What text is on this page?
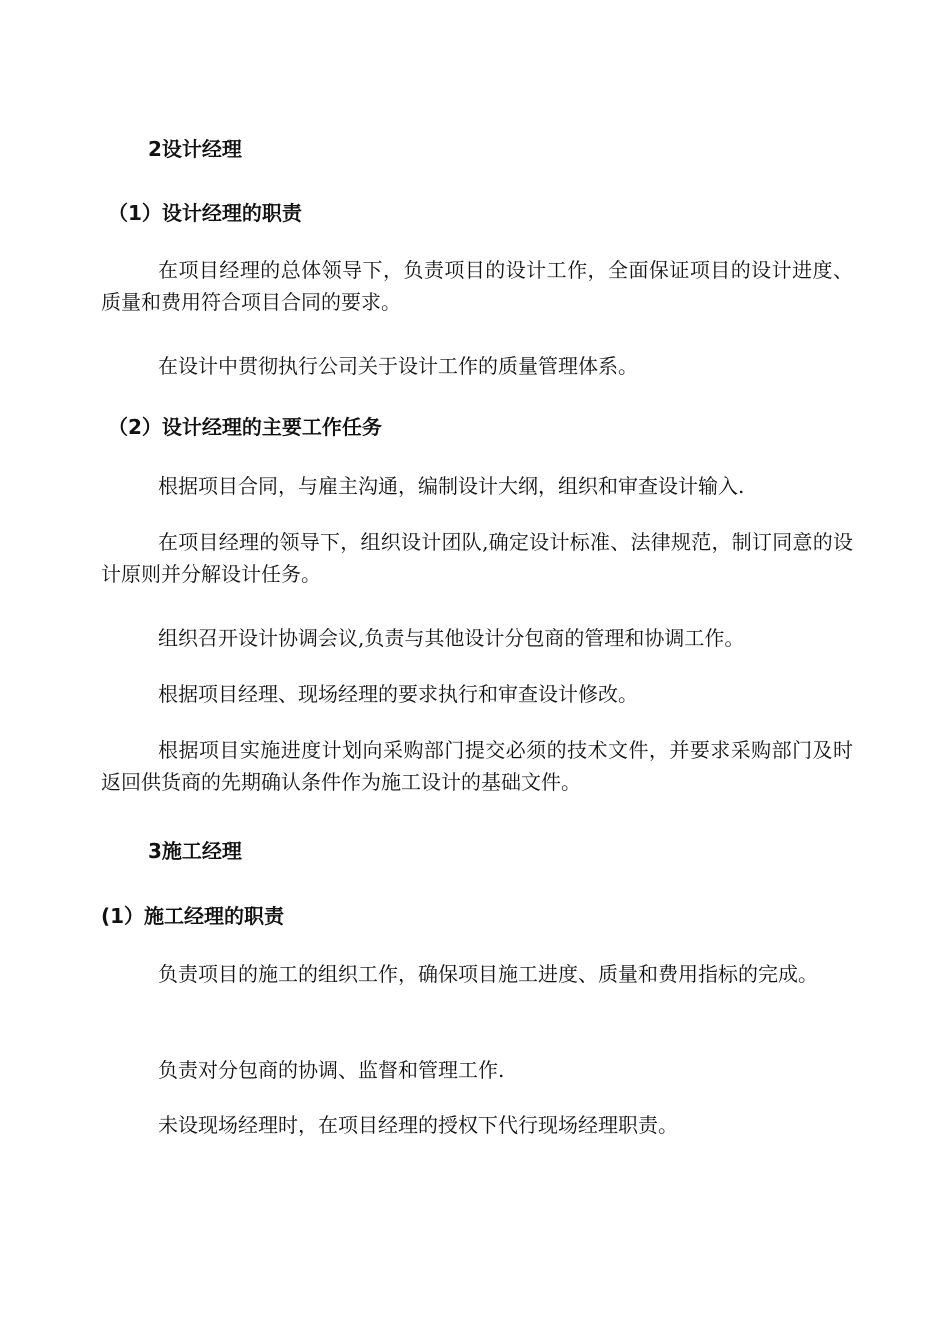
2设计经理
（1）设计经理的职责

在项目经理的总体领导下，负责项目的设计工作，全面保证项目的设计进度、质量和费用符合项目合同的要求。

在设计中贯彻执行公司关于设计工作的质量管理体系。

（2）设计经理的主要工作任务

根据项目合同，与雇主沟通，编制设计大纲，组织和审查设计输入.

在项目经理的领导下，组织设计团队,确定设计标准、法律规范，制订同意的设计原则并分解设计任务。

组织召开设计协调会议,负责与其他设计分包商的管理和协调工作。

根据项目经理、现场经理的要求执行和审查设计修改。

根据项目实施进度计划向采购部门提交必须的技术文件，并要求采购部门及时返回供货商的先期确认条件作为施工设计的基础文件。

3施工经理
(1）施工经理的职责

负责项目的施工的组织工作，确保项目施工进度、质量和费用指标的完成。

负责对分包商的协调、监督和管理工作.

未设现场经理时，在项目经理的授权下代行现场经理职责。
